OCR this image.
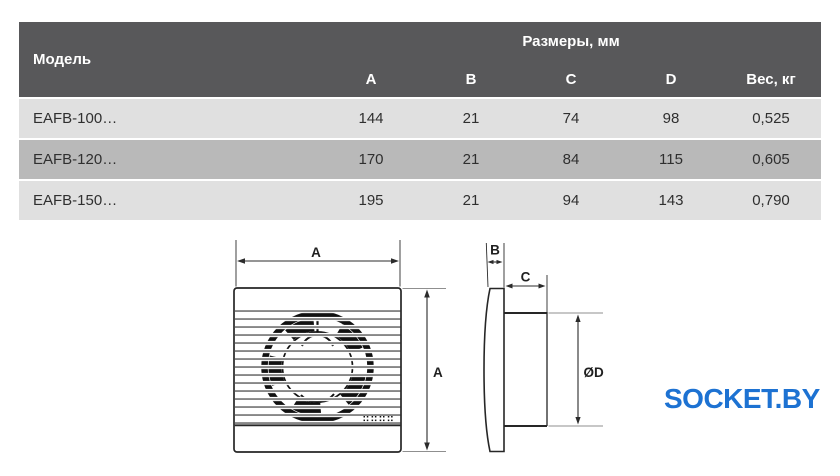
Модель
Размеры, мм
A	B	C	D	Вес, кг
EAFB-100…	144	21	74	98	0,525
EAFB-120…	170	21	84	115	0,605
EAFB-150…	195	21	94	143	0,790
A
A
B
C
ØD
SOCKET.BY
